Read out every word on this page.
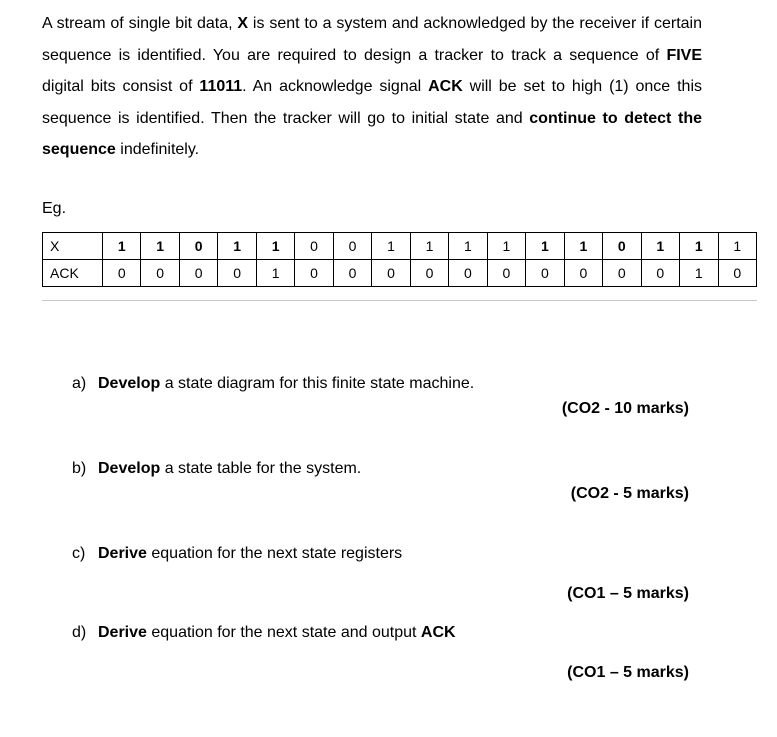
A stream of single bit data, X is sent to a system and acknowledged by the receiver if certain sequence is identified. You are required to design a tracker to track a sequence of FIVE digital bits consist of 11011. An acknowledge signal ACK will be set to high (1) once this sequence is identified. Then the tracker will go to initial state and continue to detect the sequence indefinitely.
Eg.
X	1	1	0	1	1	0	0	1	1	1	1	1	1	0	1	1	1
ACK	0	0	0	0	1	0	0	0	0	0	0	0	0	0	0	1	0
a) Develop a state diagram for this finite state machine.
(CO2 - 10 marks)
b) Develop a state table for the system.
(CO2 - 5 marks)
c) Derive equation for the next state registers
(CO1 – 5 marks)
d) Derive equation for the next state and output ACK
(CO1 – 5 marks)
